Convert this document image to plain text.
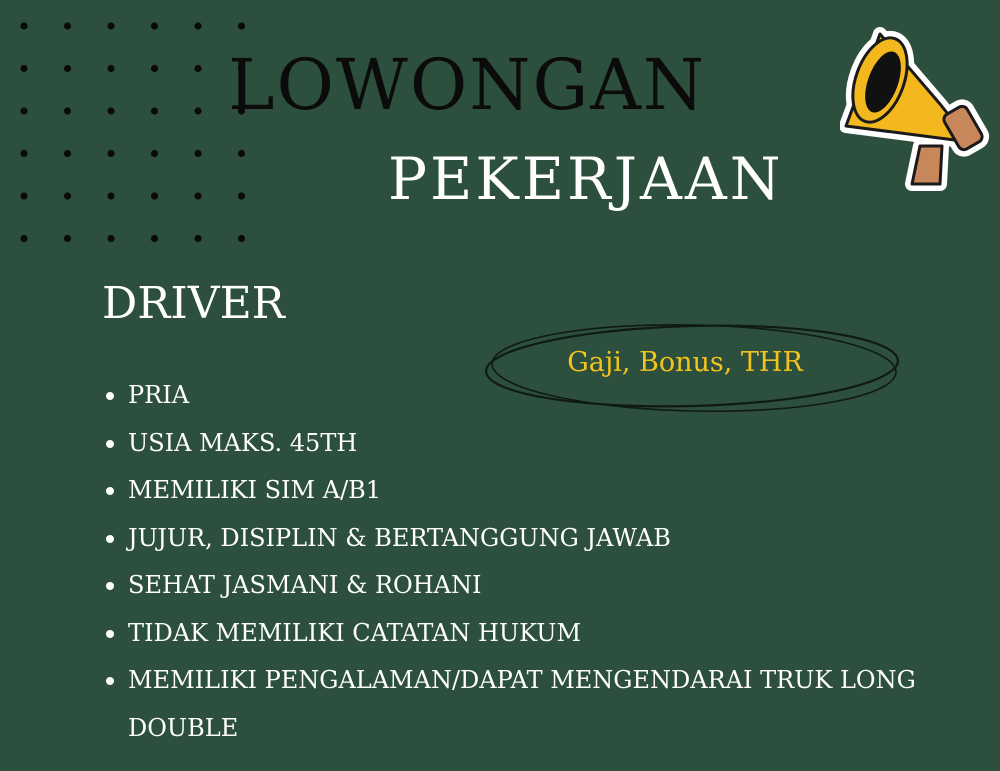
LOWONGAN
PEKERJAAN
DRIVER
Gaji, Bonus, THR
PRIA
USIA MAKS. 45TH
MEMILIKI SIM A/B1
JUJUR, DISIPLIN & BERTANGGUNG JAWAB
SEHAT JASMANI & ROHANI
TIDAK MEMILIKI CATATAN HUKUM
MEMILIKI PENGALAMAN/DAPAT MENGENDARAI TRUK LONG DOUBLE
